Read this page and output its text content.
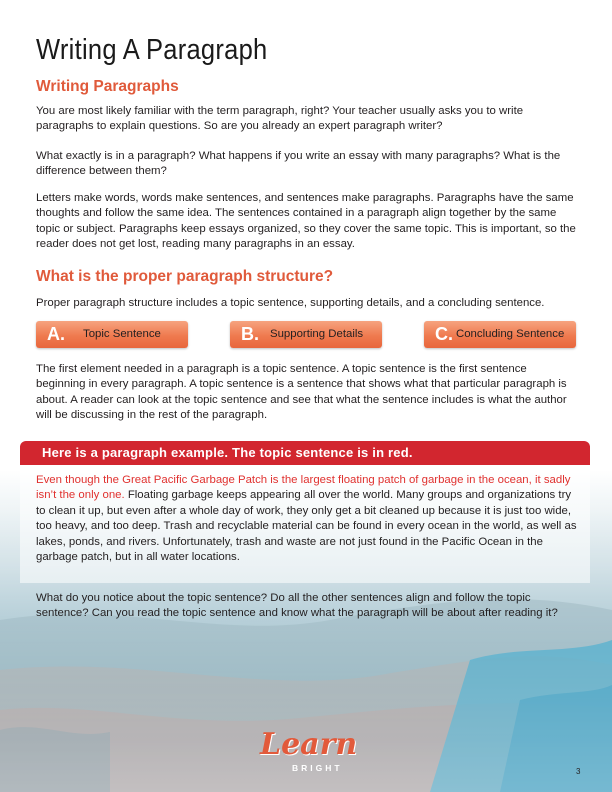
Writing A Paragraph
Writing Paragraphs

You are most likely familiar with the term paragraph, right? Your teacher usually asks you to write paragraphs to explain questions. So are you already an expert paragraph writer?

What exactly is in a paragraph? What happens if you write an essay with many paragraphs? What is the difference between them?

Letters make words, words make sentences, and sentences make paragraphs. Paragraphs have the same thoughts and follow the same idea. The sentences contained in a paragraph align together by the same topic or subject. Paragraphs keep essays organized, so they cover the same topic. This is important, so the reader does not get lost, reading many paragraphs in an essay.

What is the proper paragraph structure?

Proper paragraph structure includes a topic sentence, supporting details, and a concluding sentence.

A. Topic Sentence	B. Supporting Details	C. Concluding Sentence

The first element needed in a paragraph is a topic sentence. A topic sentence is the first sentence beginning in every paragraph. A topic sentence is a sentence that shows what that particular paragraph is about. A reader can look at the topic sentence and see that what the sentence includes is what the author will be discussing in the rest of the paragraph.

Here is a paragraph example. The topic sentence is in red.

Even though the Great Pacific Garbage Patch is the largest floating patch of garbage in the ocean, it sadly isn’t the only one. Floating garbage keeps appearing all over the world. Many groups and organizations try to clean it up, but even after a whole day of work, they only get a bit cleaned up because it is just too wide, too heavy, and too deep. Trash and recyclable material can be found in every ocean in the world, as well as lakes, ponds, and rivers. Unfortunately, trash and waste are not just found in the Pacific Ocean in the garbage patch, but in all water locations.

What do you notice about the topic sentence? Do all the other sentences align and follow the topic sentence? Can you read the topic sentence and know what the paragraph will be about after reading it?

Learn
BRIGHT	3
